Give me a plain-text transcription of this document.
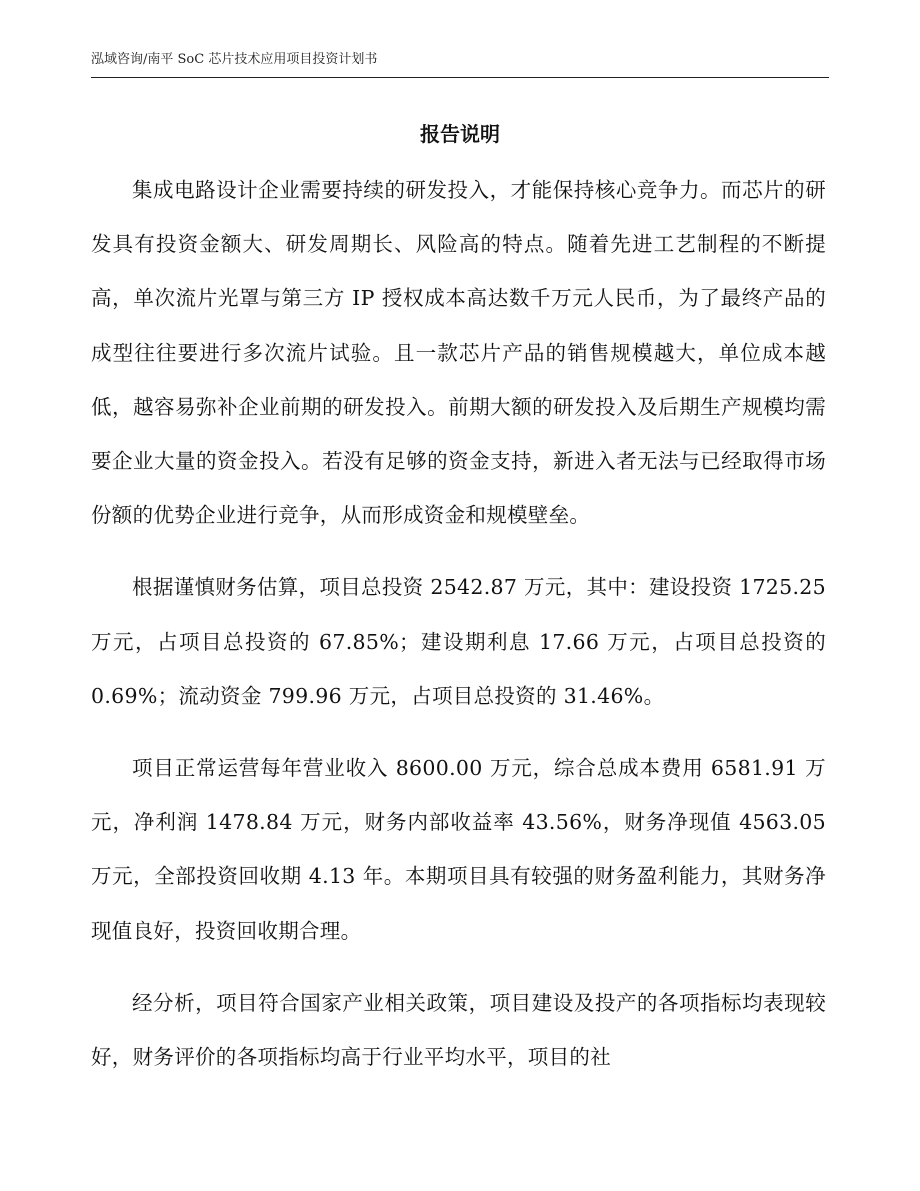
泓域咨询/南平 SoC 芯片技术应用项目投资计划书
报告说明

集成电路设计企业需要持续的研发投入，才能保持核心竞争力。而芯片的研发具有投资金额大、研发周期长、风险高的特点。随着先进工艺制程的不断提高，单次流片光罩与第三方 IP 授权成本高达数千万元人民币，为了最终产品的成型往往要进行多次流片试验。且一款芯片产品的销售规模越大，单位成本越低，越容易弥补企业前期的研发投入。前期大额的研发投入及后期生产规模均需要企业大量的资金投入。若没有足够的资金支持，新进入者无法与已经取得市场份额的优势企业进行竞争，从而形成资金和规模壁垒。

根据谨慎财务估算，项目总投资 2542.87 万元，其中：建设投资 1725.25 万元，占项目总投资的 67.85%；建设期利息 17.66 万元，占项目总投资的 0.69%；流动资金 799.96 万元，占项目总投资的 31.46%。

项目正常运营每年营业收入 8600.00 万元，综合总成本费用 6581.91 万元，净利润 1478.84 万元，财务内部收益率 43.56%，财务净现值 4563.05 万元，全部投资回收期 4.13 年。本期项目具有较强的财务盈利能力，其财务净现值良好，投资回收期合理。

经分析，项目符合国家产业相关政策，项目建设及投产的各项指标均表现较好，财务评价的各项指标均高于行业平均水平，项目的社
